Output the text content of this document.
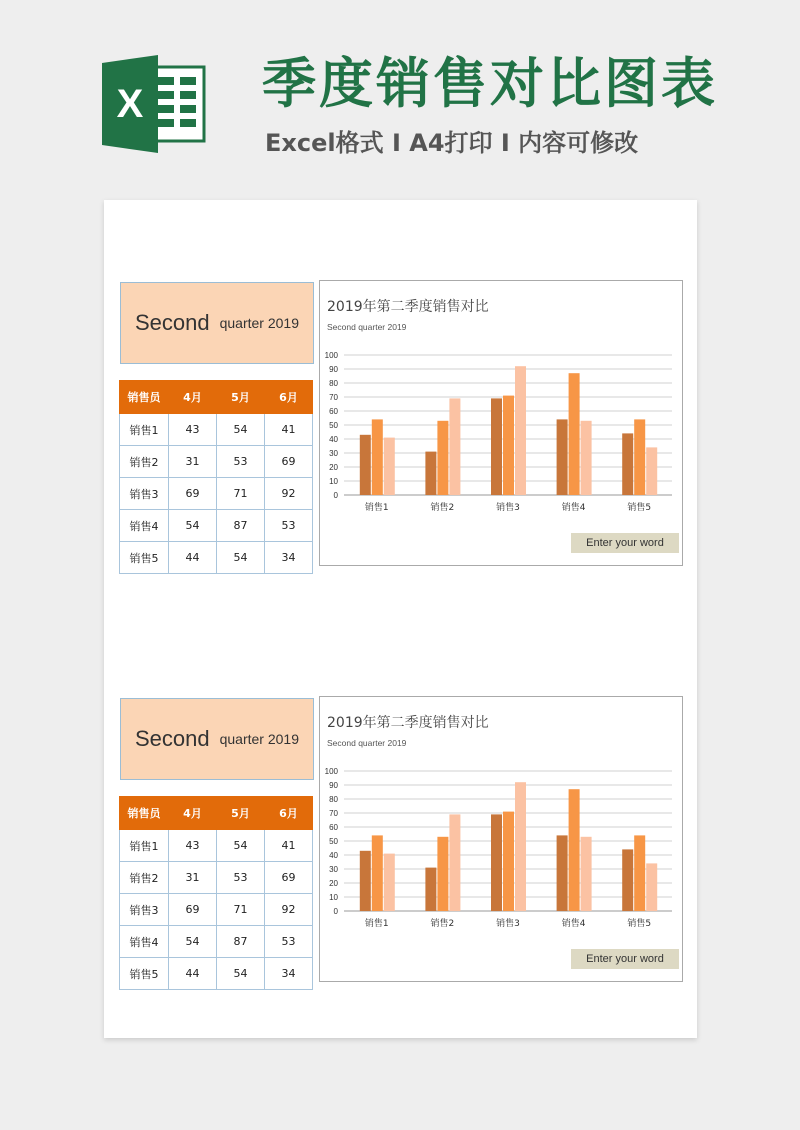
X 季度销售对比图表
Excel格式 I A4打印 I 内容可修改
Second quarter 2019
销售员	4月	5月	6月
销售1	43	54	41
销售2	31	53	69
销售3	69	71	92
销售4	54	87	53
销售5	44	54	34
2019年第二季度销售对比
Second quarter 2019
0
10
20
30
40
50
60
70
80
90
100
销售1	销售2	销售3	销售4	销售5
Enter your word
Second quarter 2019
销售员	4月	5月	6月
销售1	43	54	41
销售2	31	53	69
销售3	69	71	92
销售4	54	87	53
销售5	44	54	34
2019年第二季度销售对比
Second quarter 2019
0
10
20
30
40
50
60
70
80
90
100
销售1	销售2	销售3	销售4	销售5
Enter your word
